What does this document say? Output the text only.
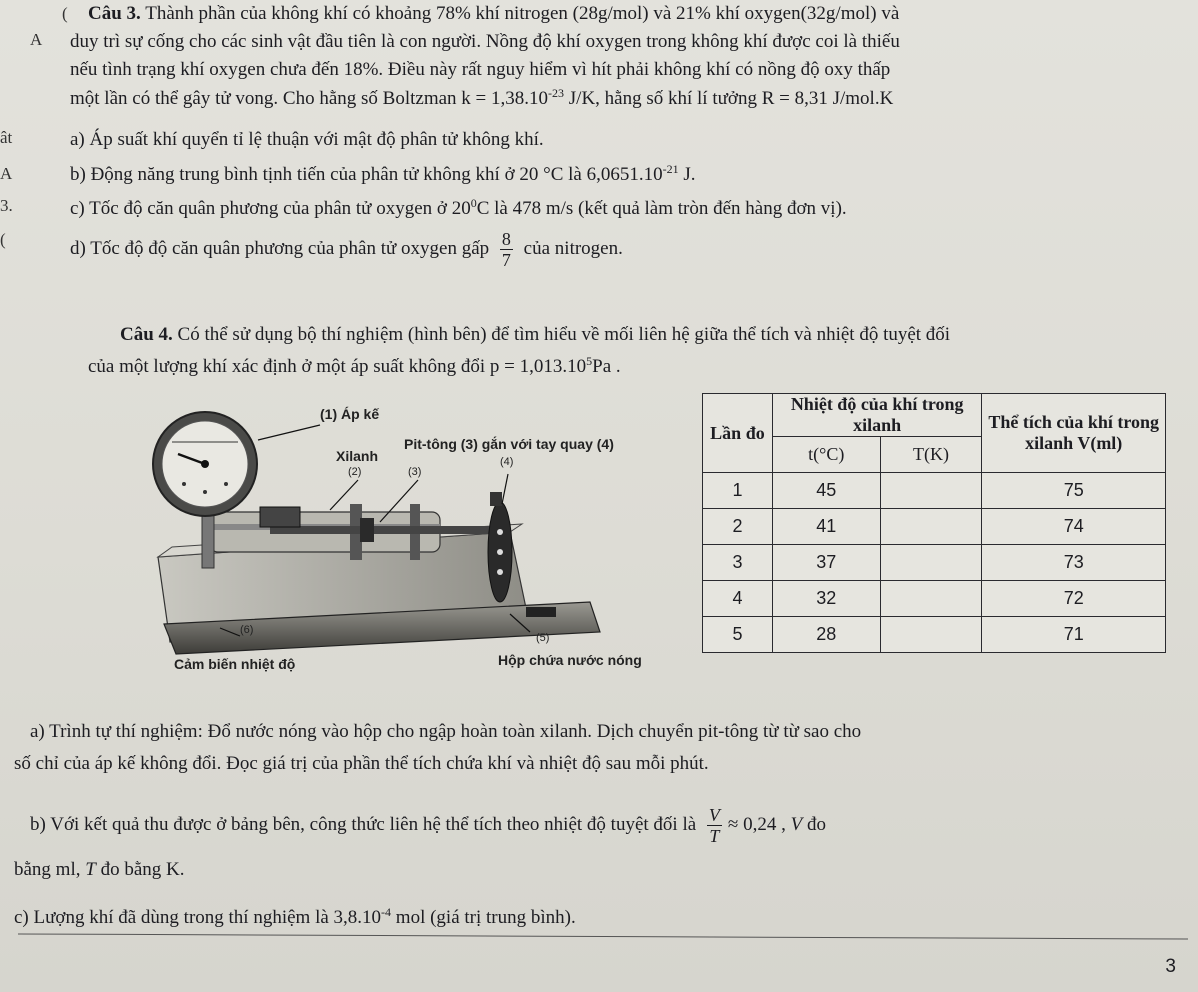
(
A
ât
A
3.
(
Câu 3. Thành phần của không khí có khoảng 78% khí nitrogen (28g/mol) và 21% khí oxygen(32g/mol) và
duy trì sự cống cho các sinh vật đầu tiên là con người. Nồng độ khí oxygen trong không khí được coi là thiếu
nếu tình trạng khí oxygen chưa đến 18%. Điều này rất nguy hiểm vì hít phải không khí có nồng độ oxy thấp
một lần có thể gây tử vong. Cho hằng số Boltzman $k = 1,38.10^{-23}$ J/K, hằng số khí lí tưởng R = 8,31 J/mol.K
a) Áp suất khí quyển tỉ lệ thuận với mật độ phân tử không khí.
b) Động năng trung bình tịnh tiến của phân tử không khí ở 20 °C là $6,0651.10^{-21}$ J.
c) Tốc độ căn quân phương của phân tử oxygen ở $20^0C$ là 478 m/s (kết quả làm tròn đến hàng đơn vị).
d) Tốc độ độ căn quân phương của phân tử oxygen gấp $\frac{8}{7}$ của nitrogen.
Câu 4. Có thể sử dụng bộ thí nghiệm (hình bên) để tìm hiểu về mối liên hệ giữa thể tích và nhiệt độ tuyệt đối
của một lượng khí xác định ở một áp suất không đổi $p = 1,013.10^5Pa$ .
(1) Áp kế
Xilanh
(2)	(3)
Pit-tông (3) gắn với tay quay (4)
(4)
(5)
(6)
Cảm biến nhiệt độ	Hộp chứa nước nóng
Lần đo	Nhiệt độ của khí trong xilanh		Thể tích của khí trong xilanh V(ml)
	t(°C)	T(K)	
1	45		75
2	41		74
3	37		73
4	32		72
5	28		71
a) Trình tự thí nghiệm: Đổ nước nóng vào hộp cho ngập hoàn toàn xilanh. Dịch chuyển pit-tông từ từ sao cho
số chỉ của áp kế không đổi. Đọc giá trị của phần thể tích chứa khí và nhiệt độ sau mỗi phút.
b) Với kết quả thu được ở bảng bên, công thức liên hệ thể tích theo nhiệt độ tuyệt đối là $\frac{V}{T} \approx 0,24$ , V đo
bằng ml, T đo bằng K.
c) Lượng khí đã dùng trong thí nghiệm là $3,8.10^{-4}$ mol (giá trị trung bình).
3
